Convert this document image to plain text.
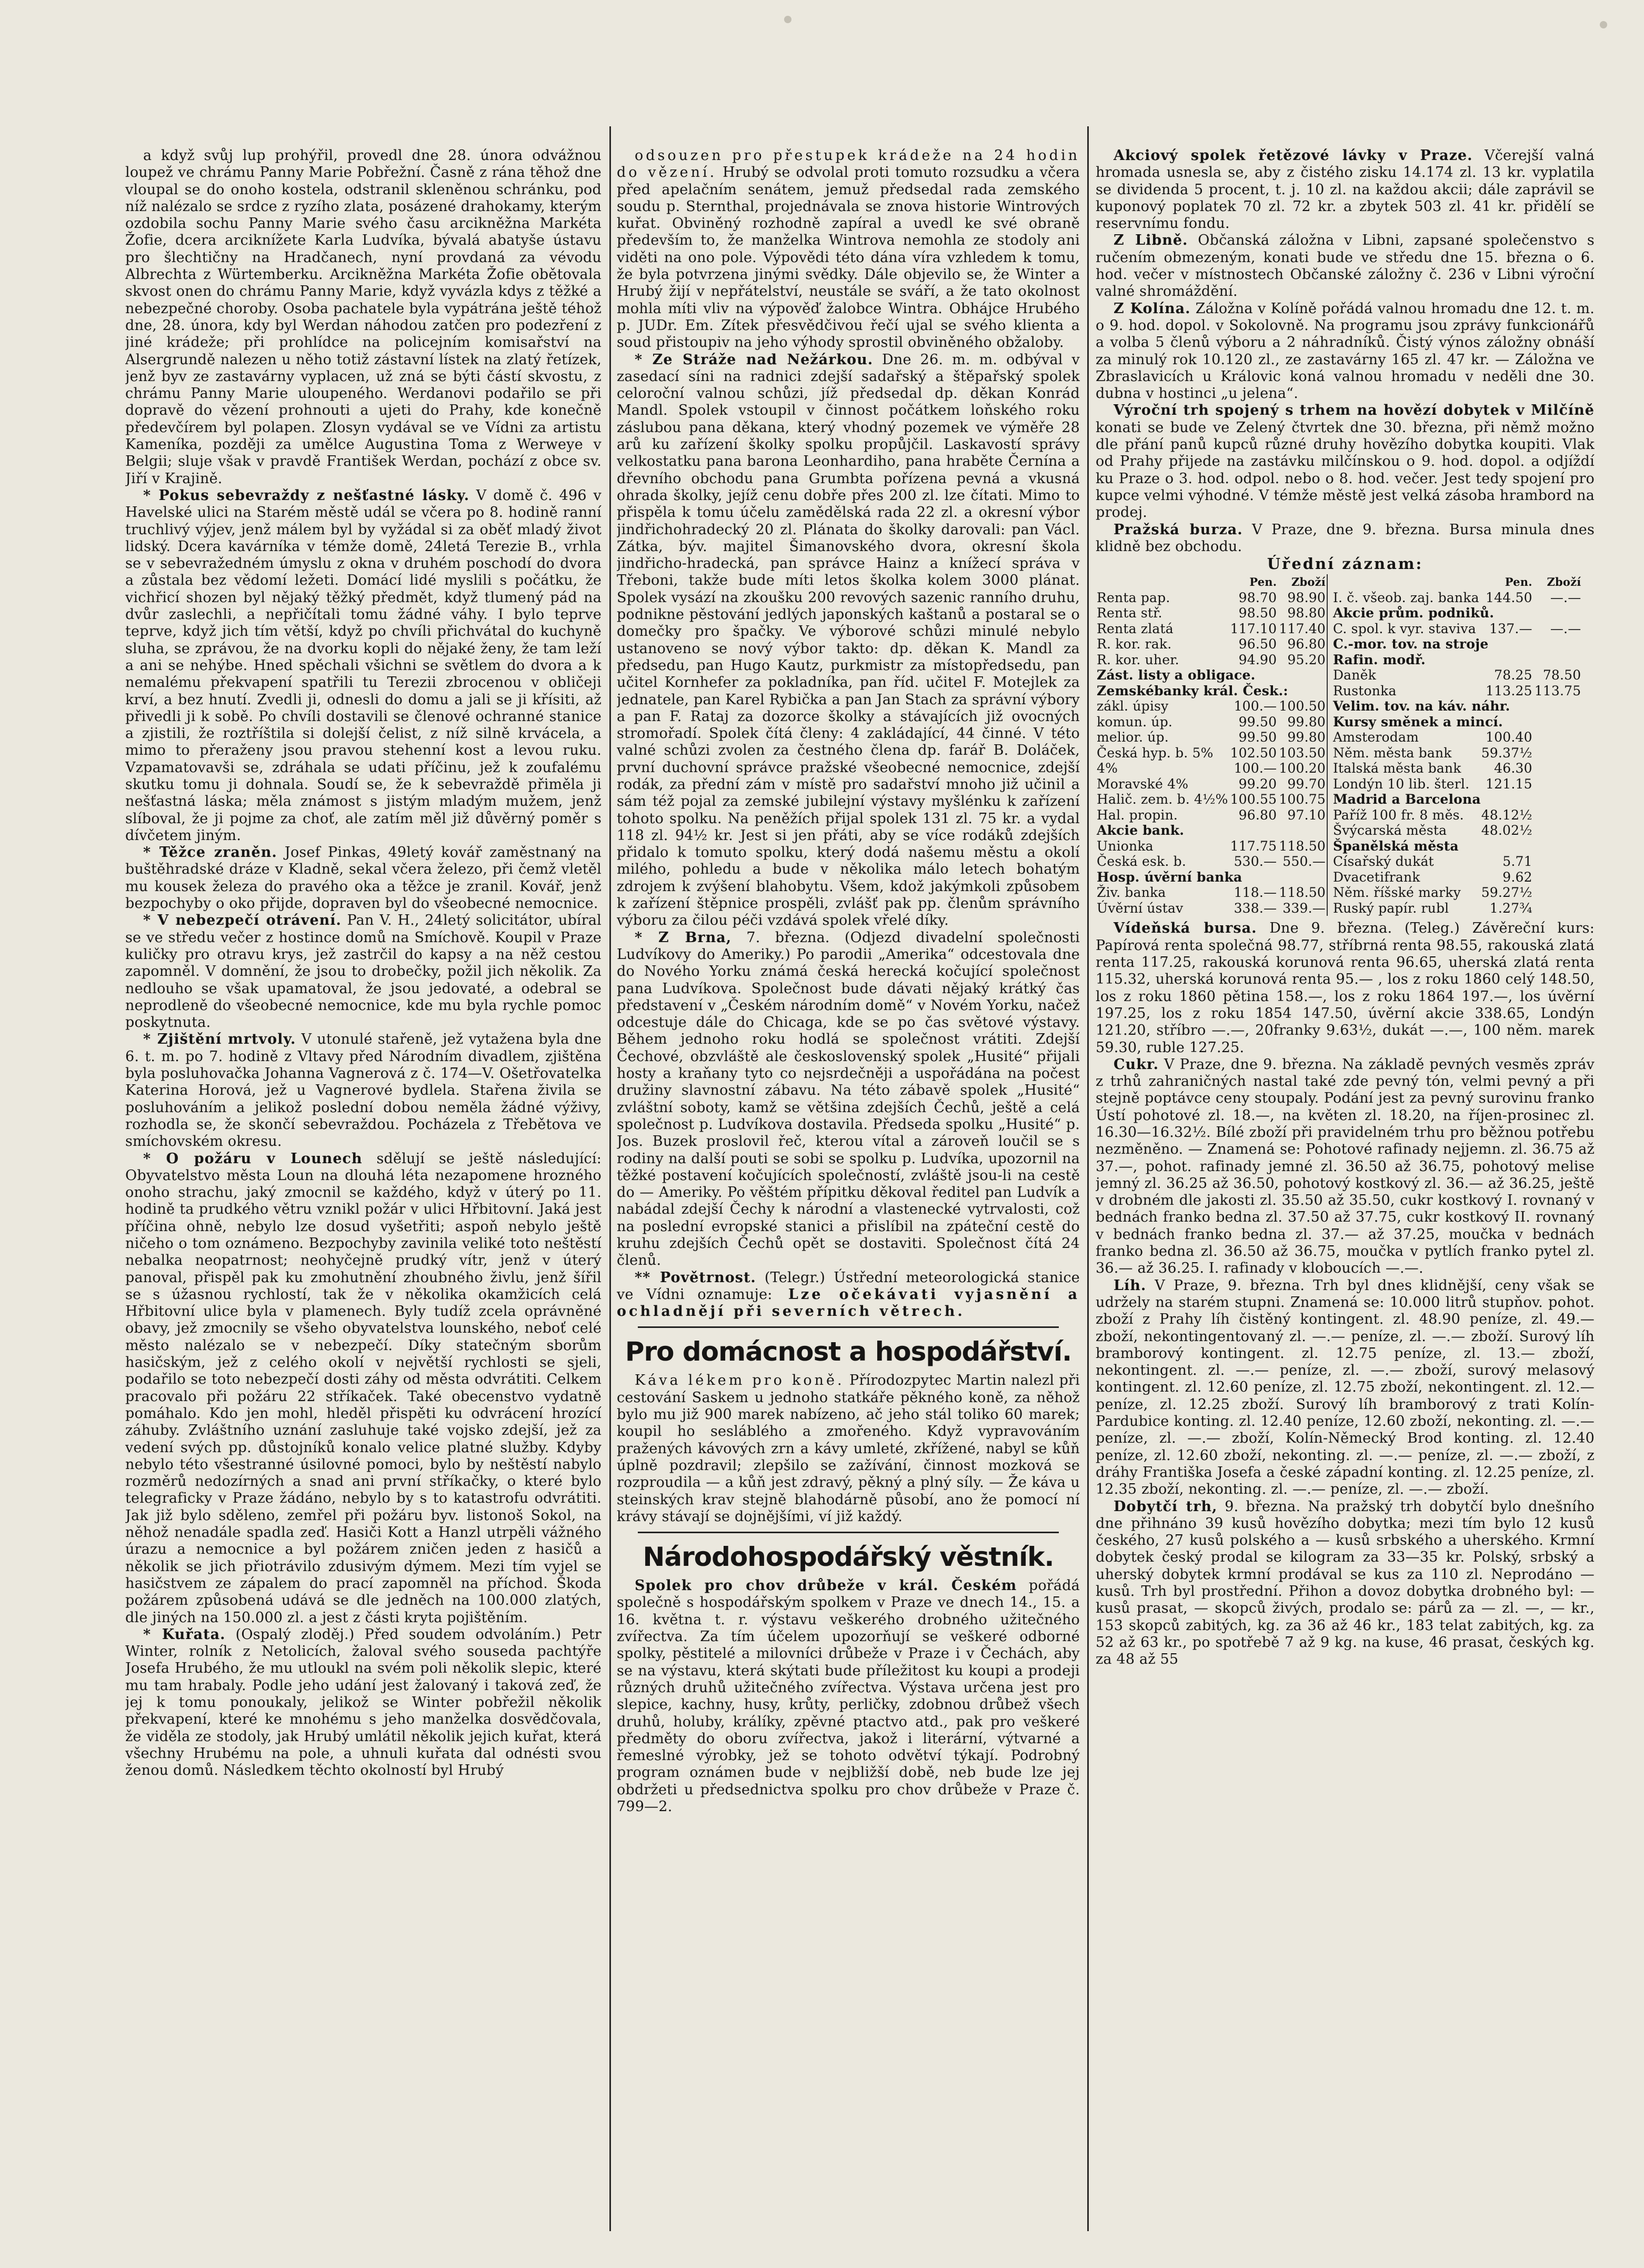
a když svůj lup prohýřil, provedl dne 28. února odvážnou loupež ve chrámu Panny Marie Pobřežní. Časně z rána těhož dne vloupal se do onoho kostela, odstranil skleněnou schránku, pod níž nalézalo se srdce z ryzího zlata, posázené drahokamy, kterým ozdobila sochu Panny Marie svého času arcikněžna Markéta Žofie, dcera arciknížete Karla Ludvíka, bývalá abatyše ústavu pro šlechtičny na Hradčanech, nyní provdaná za vévodu Albrechta z Würtemberku. Arcikněžna Markéta Žofie obětovala skvost onen do chrámu Panny Marie, když vyvázla kdys z těžké a nebezpečné choroby. Osoba pachatele byla vypátrána ještě téhož dne, 28. února, kdy byl Werdan náhodou zatčen pro podezření z jiné krádeže; při prohlídce na policejním komisařství na Alsergrundě nalezen u něho totiž zástavní lístek na zlatý řetízek, jenž byv ze zastavárny vyplacen, už zná se býti částí skvostu, z chrámu Panny Marie uloupeného. Werdanovi podařilo se při dopravě do vězení prohnouti a ujeti do Prahy, kde konečně předevčírem byl polapen. Zlosyn vydával se ve Vídni za artistu Kameníka, později za umělce Augustina Toma z Werweye v Belgii; sluje však v pravdě František Werdan, pochází z obce sv. Jiří v Krajině.

* Pokus sebevraždy z nešťastné lásky. V domě č. 496 v Havelské ulici na Starém městě udál se včera po 8. hodině ranní truchlivý výjev, jenž málem byl by vyžádal si za oběť mladý život lidský. Dcera kavárníka v témže domě, 24letá Terezie B., vrhla se v sebevražedném úmyslu z okna v druhém poschodí do dvora a zůstala bez vědomí ležeti. Domácí lidé myslili s počátku, že vichřicí shozen byl nějaký těžký předmět, když tlumený pád na dvůr zaslechli, a nepřičítali tomu žádné váhy. I bylo teprve teprve, když jich tím větší, když po chvíli přichvátal do kuchyně sluha, se zprávou, že na dvorku kopli do nějaké ženy, že tam leží a ani se nehýbe. Hned spěchali všichni se světlem do dvora a k nemalému překvapení spatřili tu Terezii zbrocenou v obličeji krví, a bez hnutí. Zvedli ji, odnesli do domu a jali se ji křísiti, až přivedli ji k sobě. Po chvíli dostavili se členové ochranné stanice a zjistili, že roztříštila si dolejší čelist, z níž silně krvácela, a mimo to přeraženy jsou pravou stehenní kost a levou ruku. Vzpamatovavši se, zdráhala se udati příčinu, jež k zoufalému skutku tomu ji dohnala. Soudí se, že k sebevraždě přiměla ji nešťastná láska; měla známost s jistým mladým mužem, jenž slíboval, že ji pojme za choť, ale zatím měl již důvěrný poměr s dívčetem jiným.

* Těžce zraněn. Josef Pinkas, 49letý kovář zaměstnaný na buštěhradské dráze v Kladně, sekal včera železo, při čemž vletěl mu kousek železa do pravého oka a těžce je zranil. Kovář, jenž bezpochyby o oko přijde, dopraven byl do všeobecné nemocnice.

* V nebezpečí otrávení. Pan V. H., 24letý solicitátor, ubíral se ve středu večer z hostince domů na Smíchově. Koupil v Praze kuličky pro otravu krys, jež zastrčil do kapsy a na něž cestou zapomněl. V domnění, že jsou to drobečky, požil jich několik. Za nedlouho se však upamatoval, že jsou jedovaté, a odebral se neprodleně do všeobecné nemocnice, kde mu byla rychle pomoc poskytnuta.

* Zjištění mrtvoly. V utonulé stařeně, jež vytažena byla dne 6. t. m. po 7. hodině z Vltavy před Národním divadlem, zjištěna byla posluhovačka Johanna Vagnerová z č. 174—V. Ošetřovatelka Katerina Horová, jež u Vagnerové bydlela. Stařena živila se posluhováním a jelikož poslední dobou neměla žádné výživy, rozhodla se, že skončí sebevraždou. Pocházela z Třebětova ve smíchovském okresu.

* O požáru v Lounech sdělují se ještě následující: Obyvatelstvo města Loun na dlouhá léta nezapomene hrozného onoho strachu, jaký zmocnil se každého, když v úterý po 11. hodině ta prudkého větru vznikl požár v ulici Hřbitovní. Jaká jest příčina ohně, nebylo lze dosud vyšetřiti; aspoň nebylo ještě ničeho o tom oznámeno. Bezpochyby zavinila veliké toto neštěstí nebalka neopatrnost; neohyčejně prudký vítr, jenž v úterý panoval, přispěl pak ku zmohutnění zhoubného živlu, jenž šířil se s úžasnou rychlostí, tak že v několika okamžicích celá Hřbitovní ulice byla v plamenech. Byly tudíž zcela oprávněné obavy, jež zmocnily se všeho obyvatelstva lounského, neboť celé město nalézalo se v nebezpečí. Díky statečným sborům hasičským, jež z celého okolí v největší rychlosti se sjeli, podařilo se toto nebezpečí dosti záhy od města odvrátiti. Celkem pracovalo při požáru 22 stříkaček. Také obecenstvo vydatně pomáhalo. Kdo jen mohl, hleděl přispěti ku odvrácení hrozící záhuby. Zvláštního uznání zasluhuje také vojsko zdejší, jež za vedení svých pp. důstojníků konalo velice platné služby. Kdyby nebylo této všestranné úsilovné pomoci, bylo by neštěstí nabylo rozměrů nedozírných a snad ani první stříkačky, o které bylo telegraficky v Praze žádáno, nebylo by s to katastrofu odvrátiti. Jak již bylo sděleno, zemřel při požáru byv. listonoš Sokol, na něhož nenadále spadla zeď. Hasiči Kott a Hanzl utrpěli vážného úrazu a nemocnice a byl požárem zničen jeden z hasičů a několik se jich přiotrávilo zdusivým dýmem. Mezi tím vyjel se hasičstvem ze zápalem do prací zapomněl na příchod. Škoda požárem způsobená udává se dle jedněch na 100.000 zlatých, dle jiných na 150.000 zl. a jest z části kryta pojištěním.

* Kuřata. (Ospalý zloděj.) Před soudem odvoláním.) Petr Winter, rolník z Netolicích, žaloval svého souseda pachtýře Josefa Hrubého, že mu utloukl na svém poli několik slepic, které mu tam hrabaly. Podle jeho udání jest žalovaný i taková zeď, že jej k tomu ponoukaly, jelikož se Winter pobřežil několik překvapení, které ke mnohému s jeho manželka dosvědčovala, že viděla ze stodoly, jak Hrubý umlátil několik jejich kuřat, která všechny Hrubému na pole, a uhnuli kuřata dal odnésti svou ženou domů. Následkem těchto okolností byl Hrubý

odsouzen pro přestupek krádeže na 24 hodin do vězení. Hrubý se odvolal proti tomuto rozsudku a včera před apelačním senátem, jemuž předsedal rada zemského soudu p. Sternthal, projednávala se znova historie Wintrových kuřat. Obviněný rozhodně zapíral a uvedl ke své obraně především to, že manželka Wintrova nemohla ze stodoly ani viděti na ono pole. Výpovědi této dána víra vzhledem k tomu, že byla potvrzena jinými svědky. Dále objevilo se, že Winter a Hrubý žijí v nepřátelství, neustále se sváří, a že tato okolnost mohla míti vliv na výpověď žalobce Wintra. Obhájce Hrubého p. JUDr. Em. Zítek přesvědčivou řečí ujal se svého klienta a soud přistoupiv na jeho výhody sprostil obviněného obžaloby.

* Ze Stráže nad Nežárkou. Dne 26. m. m. odbýval v zasedací síni na radnici zdejší sadařský a štěpařský spolek celoroční valnou schůzi, jíž předsedal dp. děkan Konrád Mandl. Spolek vstoupil v činnost počátkem loňského roku záslubou pana děkana, který vhodný pozemek ve výměře 28 arů ku zařízení školky spolku propůjčil. Laskavostí správy velkostatku pana barona Leonhardiho, pana hraběte Černína a dřevního obchodu pana Grumbta pořízena pevná a vkusná ohrada školky, jejíž cenu dobře přes 200 zl. lze čítati. Mimo to přispěla k tomu účelu zamědělská rada 22 zl. a okresní výbor jindřichohradecký 20 zl. Plánata do školky darovali: pan Václ. Zátka, býv. majitel Šimanovského dvora, okresní škola jindřicho-hradecká, pan správce Hainz a knížecí správa v Třeboni, takže bude míti letos školka kolem 3000 plánat. Spolek vysází na zkoušku 200 revových sazenic ranního druhu, podnikne pěstování jedlých japonských kaštanů a postaral se o domečky pro špačky. Ve výborové schůzi minulé nebylo ustanoveno se nový výbor takto: dp. děkan K. Mandl za předsedu, pan Hugo Kautz, purkmistr za místopředsedu, pan učitel Kornhefer za pokladníka, pan říd. učitel F. Motejlek za jednatele, pan Karel Rybička a pan Jan Stach za správní výbory a pan F. Rataj za dozorce školky a stávajících již ovocných stromořadí. Spolek čítá členy: 4 zakládající, 44 činné. V této valné schůzi zvolen za čestného člena dp. farář B. Doláček, první duchovní správce pražské všeobecné nemocnice, zdejší rodák, za přední zám v místě pro sadařství mnoho již učinil a sám též pojal za zemské jubilejní výstavy myšlénku k zařízení tohoto spolku. Na peněžích přijal spolek 131 zl. 75 kr. a vydal 118 zl. 94½ kr. Jest si jen přáti, aby se více rodáků zdejších přidalo k tomuto spolku, který dodá našemu městu a okolí milého, pohledu a bude v několika málo letech bohatým zdrojem k zvýšení blahobytu. Všem, kdož jakýmkoli způsobem k zařízení štěpnice prospěli, zvlášť pak pp. členům správního výboru za čilou péči vzdává spolek vřelé díky.

* Z Brna, 7. března. (Odjezd divadelní společnosti Ludvíkovy do Ameriky.) Po parodii „Amerika“ odcestovala dne do Nového Yorku známá česká herecká kočující společnost pana Ludvíkova. Společnost bude dávati nějaký krátký čas představení v „Českém národním domě“ v Novém Yorku, načež odcestuje dále do Chicaga, kde se po čas světové výstavy. Během jednoho roku hodlá se společnost vrátiti. Zdejší Čechové, obzvláště ale československý spolek „Husité“ přijali hosty a kraňany tyto co nejsrdečněji a uspořádána na počest družiny slavnostní zábavu. Na této zábavě spolek „Husité“ zvláštní soboty, kamž se většina zdejších Čechů, ještě a celá společnost p. Ludvíkova dostavila. Předseda spolku „Husité“ p. Jos. Buzek proslovil řeč, kterou vítal a zároveň loučil se s rodiny na další pouti se sobi se spolku p. Ludvíka, upozornil na těžké postavení kočujících společností, zvláště jsou-li na cestě do — Ameriky. Po věštém přípitku děkoval ředitel pan Ludvík a nabádal zdejší Čechy k národní a vlastenecké vytrvalosti, což na poslední evropské stanici a přislíbil na zpáteční cestě do kruhu zdejších Čechů opět se dostaviti. Společnost čítá 24 členů.

** Povětrnost. (Telegr.) Ústřední meteorologická stanice ve Vídni oznamuje: Lze očekávati vyjasnění a ochladnějí při severních větrech.

Pro domácnost a hospodářství.

Káva lékem pro koně. Přírodozpytec Martin nalezl při cestování Saskem u jednoho statkáře pěkného koně, za něhož bylo mu již 900 marek nabízeno, ač jeho stál toliko 60 marek; koupil ho sesláblého a zmořeného. Když vypravováním pražených kávových zrn a kávy umleté, zkřížené, nabyl se kůň úplně pozdravil; zlepšilo se zažívání, činnost mozková se rozproudila — a kůň jest zdravý, pěkný a plný síly. — Že káva u steinských krav stejně blahodárně působí, ano že pomocí ní krávy stávají se dojnějšími, ví již každý.

Národohospodářský věstník.

Spolek pro chov drůbeže v král. Českém pořádá společně s hospodářským spolkem v Praze ve dnech 14., 15. a 16. května t. r. výstavu veškerého drobného užitečného zvířectva. Za tím účelem upozorňují se veškeré odborné spolky, pěstitelé a milovníci drůbeže v Praze i v Čechách, aby se na výstavu, která skýtati bude příležitost ku koupi a prodeji různých druhů užitečného zvířectva. Výstava určena jest pro slepice, kachny, husy, krůty, perličky, zdobnou drůbež všech druhů, holuby, králíky, zpěvné ptactvo atd., pak pro veškeré předměty do oboru zvířectva, jakož i literární, výtvarné a řemeslné výrobky, jež se tohoto odvětví týkají. Podrobný program oznámen bude v nejbližší době, neb bude lze jej obdržeti u předsednictva spolku pro chov drůbeže v Praze č. 799—2.

Akciový spolek řetězové lávky v Praze. Včerejší valná hromada usnesla se, aby z čistého zisku 14.174 zl. 13 kr. vyplatila se dividenda 5 procent, t. j. 10 zl. na každou akcii; dále zaprávil se kuponový poplatek 70 zl. 72 kr. a zbytek 503 zl. 41 kr. přidělí se reservnímu fondu.

Z Libně. Občanská záložna v Libni, zapsané společenstvo s ručením obmezeným, konati bude ve středu dne 15. března o 6. hod. večer v místnostech Občanské záložny č. 236 v Libni výroční valné shromáždění.

Z Kolína. Záložna v Kolíně pořádá valnou hromadu dne 12. t. m. o 9. hod. dopol. v Sokolovně. Na programu jsou zprávy funkcionářů a volba 5 členů výboru a 2 náhradníků. Čistý výnos záložny obnáší za minulý rok 10.120 zl., ze zastavárny 165 zl. 47 kr. — Záložna ve Zbraslavicích u Královic koná valnou hromadu v neděli dne 30. dubna v hostinci „u jelena“.

Výroční trh spojený s trhem na hovězí dobytek v Milčíně konati se bude ve Zelený čtvrtek dne 30. března, při němž možno dle přání panů kupců různé druhy hovězího dobytka koupiti. Vlak od Prahy přijede na zastávku milčínskou o 9. hod. dopol. a odjíždí ku Praze o 3. hod. odpol. nebo o 8. hod. večer. Jest tedy spojení pro kupce velmi výhodné. V témže městě jest velká zásoba hrambord na prodej.

Pražská burza. V Praze, dne 9. března. Bursa minula dnes klidně bez obchodu.

Úřední záznam:
	Pen.	Zboží
Renta pap.	98.70	98.90
Renta stř.	98.50	98.80
Renta zlatá	117.10	117.40
R. kor. rak.	96.50	96.80
R. kor. uher.	94.90	95.20
Zást. listy a obligace.		
Zemskébanky král. Česk.:		
zákl. úpisy	100.—	100.50
komun. úp.	99.50	99.80
melior. úp.	99.50	99.80
Česká hyp. b. 5%	102.50	103.50
4%	100.—	100.20
Moravské 4%	99.20	99.70
Halič. zem. b. 4½%	100.55	100.75
Hal. propin.	96.80	97.10
Akcie bank.		
Unionka	117.75	118.50
Česká esk. b.	530.—	550.—
Hosp. úvěrní banka		
Živ. banka	118.—	118.50
Úvěrní ústav	338.—	339.—
	Pen.	Zboží
I. č. všeob. zaj. banka	144.50	—.—
Akcie prům. podniků.		
C. spol. k vyr. stavivа	137.—	—.—
C.-mor. tov. na stroje		
Rafin. modř.		
Daněk	78.25	78.50
Rustonka	113.25	113.75
Velim. tov. na káv. náhr.		
Kursy směnek a mincí.		
Amsterodam	100.40	
Něm. města bank	59.37½	
Italská města bank	46.30	
Londýn 10 lib. šterl.	121.15	
Madrid a Barcelona		
Paříž 100 fr. 8 měs.	48.12½	
Švýcarská města	48.02½	
Španělská města		
Císařský dukát	5.71	
Dvacetifrank	9.62	
Něm. říšské marky	59.27½	
Ruský papír. rubl	1.27¾	

Vídeňská bursa. Dne 9. března. (Teleg.) Závěreční kurs: Papírová renta společná 98.77, stříbrná renta 98.55, rakouská zlatá renta 117.25, rakouská korunová renta 96.65, uherská zlatá renta 115.32, uherská korunová renta 95.— , los z roku 1860 celý 148.50, los z roku 1860 pětina 158.—, los z roku 1864 197.—, los úvěrní 197.25, los z roku 1854 147.50, úvěrní akcie 338.65, Londýn 121.20, stříbro —.—, 20franky 9.63½, dukát —.—, 100 něm. marek 59.30, ruble 127.25.

Cukr. V Praze, dne 9. března. Na základě pevných vesměs zpráv z trhů zahraničných nastal také zde pevný tón, velmi pevný a při stejně poptávce ceny stoupaly. Podání jest za pevný surovinu franko Ústí pohotové zl. 18.—, na květen zl. 18.20, na říjen-prosinec zl. 16.30—16.32½. Bílé zboží při pravidelném trhu pro běžnou potřebu nezměněno. — Znamená se: Pohotové rafinady nejjemn. zl. 36.75 až 37.—, pohot. rafinady jemné zl. 36.50 až 36.75, pohotový melise jemný zl. 36.25 až 36.50, pohotový kostkový zl. 36.— až 36.25, ještě v drobném dle jakosti zl. 35.50 až 35.50, cukr kostkový I. rovnaný v bednách franko bedna zl. 37.50 až 37.75, cukr kostkový II. rovnaný v bednách franko bedna zl. 37.— až 37.25, moučka v bednách franko bedna zl. 36.50 až 36.75, moučka v pytlích franko pytel zl. 36.— až 36.25. I. rafinady v kloboucích —.—.

Líh. V Praze, 9. března. Trh byl dnes klidnější, ceny však se udržely na starém stupni. Znamená se: 10.000 litrů stupňov. pohot. zboží z Prahy líh čistěný kontingent. zl. 48.90 peníze, zl. 49.— zboží, nekontingentovaný zl. —.— peníze, zl. —.— zboží. Surový líh bramborový kontingent. zl. 12.75 peníze, zl. 13.— zboží, nekontingent. zl. —.— peníze, zl. —.— zboží, surový melasový kontingent. zl. 12.60 peníze, zl. 12.75 zboží, nekontingent. zl. 12.— peníze, zl. 12.25 zboží. Surový líh bramborový z trati Kolín-Pardubice konting. zl. 12.40 peníze, 12.60 zboží, nekonting. zl. —.— peníze, zl. —.— zboží, Kolín-Německý Brod konting. zl. 12.40 peníze, zl. 12.60 zboží, nekonting. zl. —.— peníze, zl. —.— zboží, z dráhy Františka Josefa a české západní konting. zl. 12.25 peníze, zl. 12.35 zboží, nekonting. zl. —.— peníze, zl. —.— zboží.

Dobytčí trh, 9. března. Na pražský trh dobytčí bylo dnešního dne přihnáno 39 kusů hovězího dobytka; mezi tím bylo 12 kusů českého, 27 kusů polského a — kusů srbského a uherského. Krmní dobytek český prodal se kilogram za 33—35 kr. Polský, srbský a uherský dobytek krmní prodával se kus za 110 zl. Neprodáno — kusů. Trh byl prostřední. Přihon a dovoz dobytka drobného byl: — kusů prasat, — skopců živých, prodalo se: párů za — zl. —, — kr., 153 skopců zabitých, kg. za 36 až 46 kr., 183 telat zabitých, kg. za 52 až 63 kr., po spotřebě 7 až 9 kg. na kuse, 46 prasat, českých kg. za 48 až 55
